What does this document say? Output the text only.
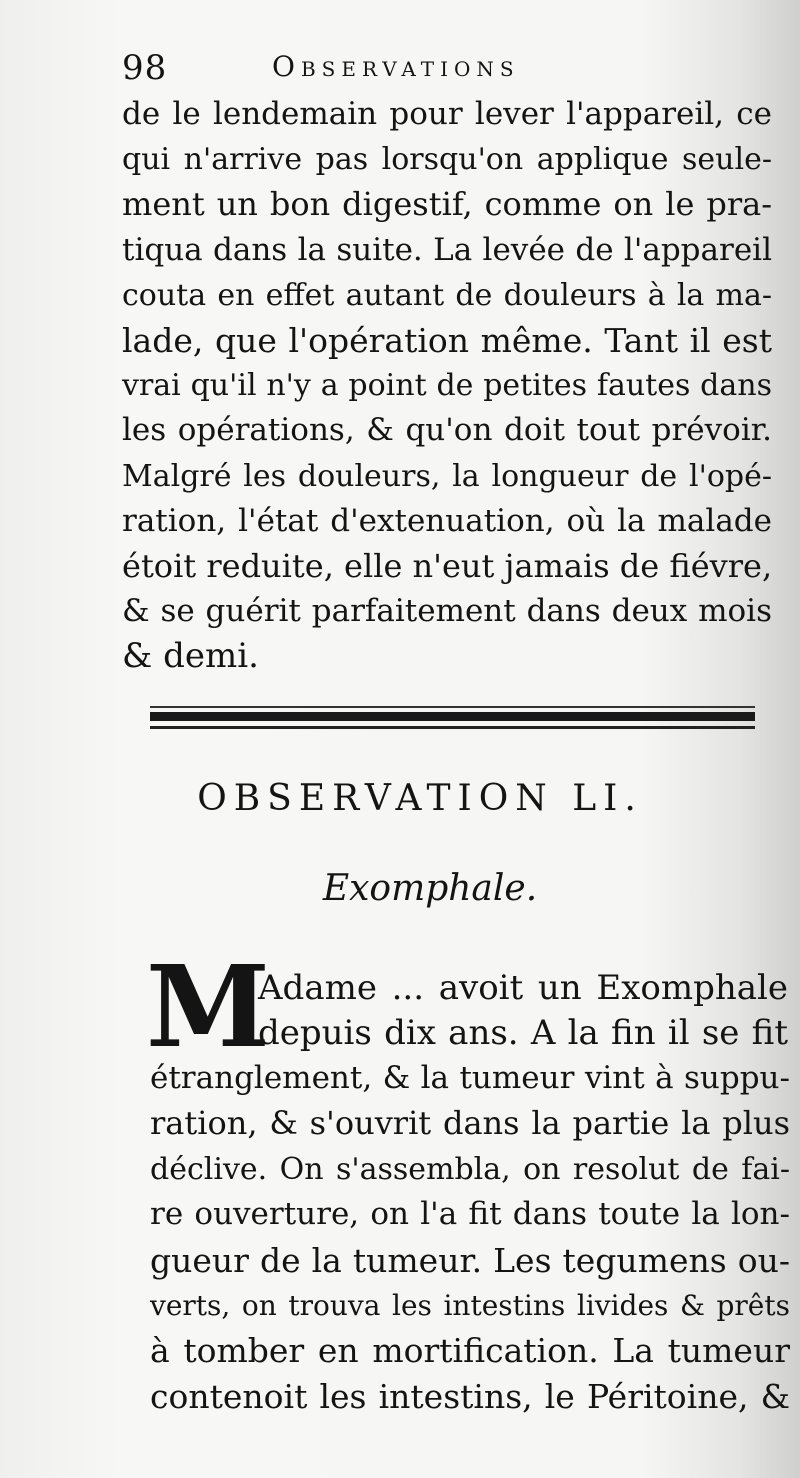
98	Observations
de le lendemain pour lever l'appareil, ce
qui n'arrive pas lorsqu'on applique seule-
ment un bon digestif, comme on le pra-
tiqua dans la suite. La levée de l'appareil
couta en effet autant de douleurs à la ma-
lade, que l'opération même. Tant il est
vrai qu'il n'y a point de petites fautes dans
les opérations, & qu'on doit tout prévoir.
Malgré les douleurs, la longueur de l'opé-
ration, l'état d'extenuation, où la malade
étoit reduite, elle n'eut jamais de fiévre,
& se guérit parfaitement dans deux mois
& demi.
OBSERVATION LI.
Exomphale.
M
Adame ... avoit un Exomphale
depuis dix ans. A la fin il se fit
étranglement, & la tumeur vint à suppu-
ration, & s'ouvrit dans la partie la plus
déclive. On s'assembla, on resolut de fai-
re ouverture, on l'a fit dans toute la lon-
gueur de la tumeur. Les tegumens ou-
verts, on trouva les intestins livides & prêts
à tomber en mortification. La tumeur
contenoit les intestins, le Péritoine, &
